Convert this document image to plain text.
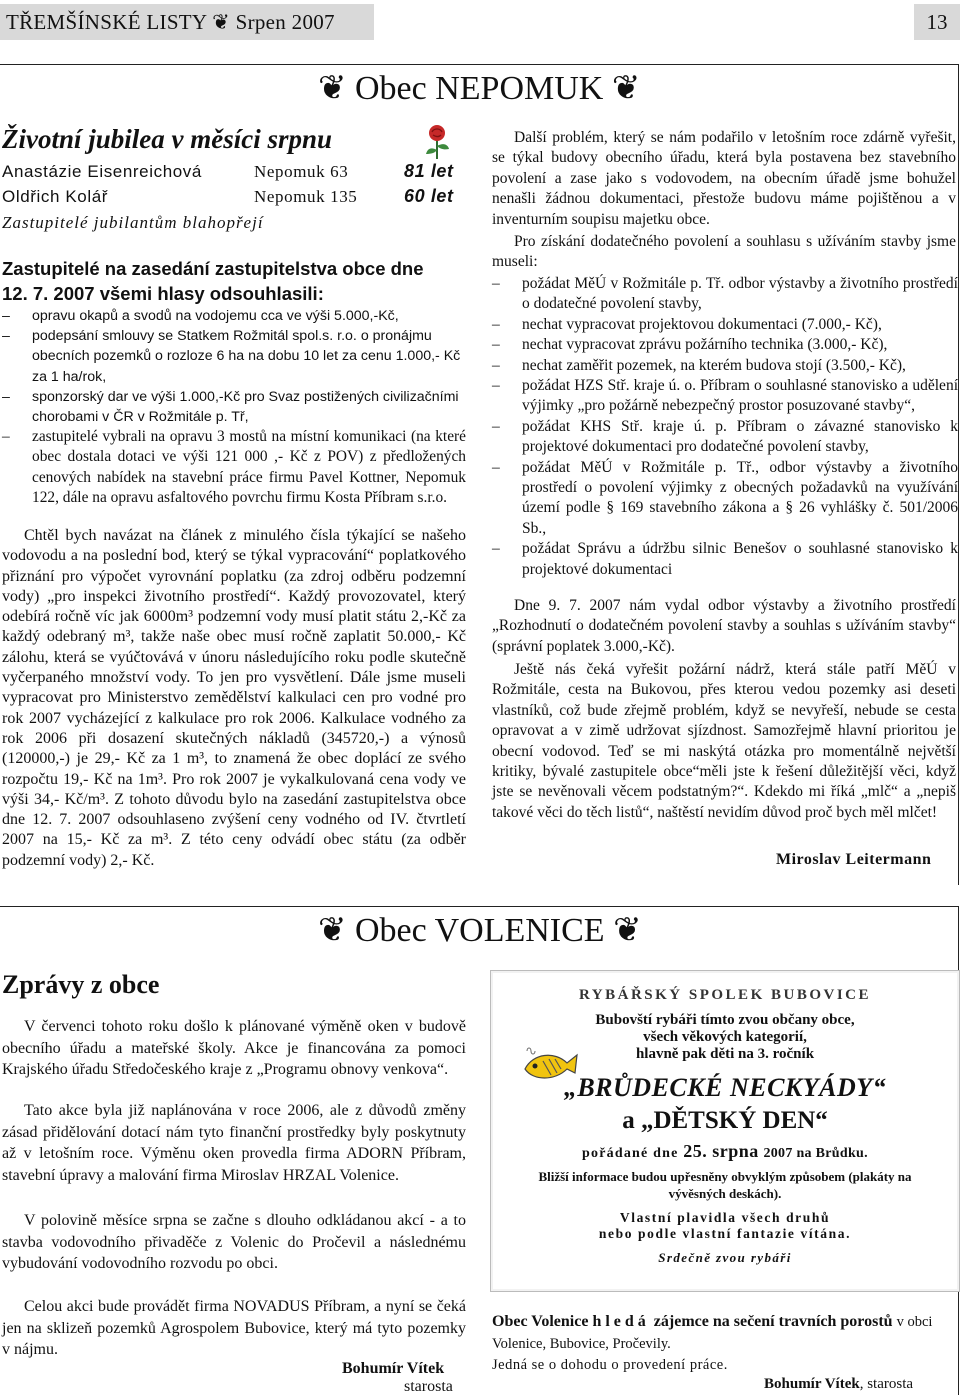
TŘEMŠÍNSKÉ LISTY ❦ Srpen 2007	13
❦ Obec NEPOMUK ❦
Životní jubilea v měsíci srpnu
Anastázie Eisenreichová	Nepomuk 63	81 let
Oldřich Kolář	Nepomuk 135	60 let
Zastupitelé jubilantům blahopřejí
Zastupitelé na zasedání zastupitelstva obce dne 12. 7. 2007 všemi hlasy odsouhlasili:
– opravu okapů a svodů na vodojemu cca ve výši 5.000,-Kč,
– podepsání smlouvy se Statkem Rožmitál spol.s. r.o. o pronájmu obecních pozemků o rozloze 6 ha na dobu 10 let za cenu 1.000,- Kč za 1 ha/rok,
– sponzorský dar ve výši 1.000,-Kč pro Svaz postižených civilizačními chorobami v ČR v Rožmitále p. Tř,
– zastupitelé vybrali na opravu 3 mostů na místní komunikaci (na které obec dostala dotaci ve výši 121 000 ,- Kč z POV) z předložených cenových nabídek na stavební práce firmu Pavel Kottner, Nepomuk 122, dále na opravu asfaltového povrchu firmu Kosta Příbram s.r.o.
Chtěl bych navázat na článek z minulého čísla týkající se našeho vodovodu a na poslední bod, který se týkal vypracování“ poplatkového přiznání pro výpočet vyrovnání poplatku (za zdroj odběru podzemní vody) „pro inspekci životního prostředí“. Každý provozovatel, který odebírá ročně víc jak 6000m³ podzemní vody musí platit státu 2,-Kč za každý odebraný m³, takže naše obec musí ročně zaplatit 50.000,- Kč zálohu, která se vyúčtovává v únoru následujícího roku podle skutečně vyčerpaného množství vody. To jen pro vysvětlení. Dále jsme museli vypracovat pro Ministerstvo zemědělství kalkulaci cen pro vodné pro rok 2007 vycházející z kalkulace pro rok 2006. Kalkulace vodného za rok 2006 při dosazení skutečných nákladů (345720,-) a výnosů (120000,-) je 29,- Kč za 1 m³, to znamená že obec doplácí ze svého rozpočtu 19,- Kč na 1m³. Pro rok 2007 je vykalkulovaná cena vody ve výši 34,- Kč/m³. Z tohoto důvodu bylo na zasedání zastupitelstva obce dne 12. 7. 2007 odsouhlaseno zvýšení ceny vodného od IV. čtvrtletí 2007 na 15,- Kč za m³. Z této ceny odvádí obec státu (za odběr podzemní vody) 2,- Kč.
Další problém, který se nám podařilo v letošním roce zdárně vyřešit, se týkal budovy obecního úřadu, která byla postavena bez stavebního povolení a zase jako s vodovodem, na obecním úřadě jsme bohužel nenašli žádnou dokumentaci, přestože budovu máme pojištěnou a v inventurním soupisu majetku obce.
Pro získání dodatečného povolení a souhlasu s užíváním stavby jsme museli:
– požádat MěÚ v Rožmitále p. Tř. odbor výstavby a životního prostředí o dodatečné povolení stavby,
– nechat vypracovat projektovou dokumentaci (7.000,- Kč),
– nechat vypracovat zprávu požárního technika (3.000,- Kč),
– nechat zaměřit pozemek, na kterém budova stojí (3.500,- Kč),
– požádat HZS Stř. kraje ú. o. Příbram o souhlasné stanovisko a udělení výjimky „pro požárně nebezpečný prostor posuzované stavby“,
– požádat KHS Stř. kraje ú. p. Příbram o závazné stanovisko k projektové dokumentaci pro dodatečné povolení stavby,
– požádat MěÚ v Rožmitále p. Tř., odbor výstavby a životního prostředí o povolení výjimky z obecných požadavků na využívání území podle § 169 stavebního zákona a § 26 vyhlášky č. 501/2006 Sb.,
– požádat Správu a údržbu silnic Benešov o souhlasné stanovisko k projektové dokumentaci
Dne 9. 7. 2007 nám vydal odbor výstavby a životního prostředí „Rozhodnutí o dodatečném povolení stavby a souhlas s užíváním stavby“ (správní poplatek 3.000,-Kč).
Ještě nás čeká vyřešit požární nádrž, která stále patří MěÚ v Rožmitále, cesta na Bukovou, přes kterou vedou pozemky asi deseti vlastníků, což bude zřejmě problém, když se nevyřeší, nebude se cesta opravovat a v zimě udržovat sjízdnost. Samozřejmě hlavní prioritou je obecní vodovod. Teď se mi naskýtá otázka pro momentálně největší kritiky, bývalé zastupitele obce“měli jste k řešení důležitější věci, když jste se nevěnovali věcem podstatným?“. Kdekdo mi říká „mlč“ a „nepiš takové věci do těch listů“, naštěstí nevidím důvod proč bych měl mlčet!
Miroslav Leitermann
❦ Obec VOLENICE ❦
Zprávy z obce
V červenci tohoto roku došlo k plánované výměně oken v budově obecního úřadu a mateřské školy. Akce je financována za pomoci Krajského úřadu Středočeského kraje z „Programu obnovy venkova“.
Tato akce byla již naplánována v roce 2006, ale z důvodů změny zásad přidělování dotací nám tyto finanční prostředky byly poskytnuty až v letošním roce. Výměnu oken provedla firma ADORN Příbram, stavební úpravy a malování firma Miroslav HRZAL Volenice.
V polovině měsíce srpna se začne s dlouho odkládanou akcí - a to stavba vodovodního přivaděče z Volenic do Pročevil a následnému vybudování vodovodního rozvodu po obci.
Celou akci bude provádět firma NOVADUS Příbram, a nyní se čeká jen na sklizeň pozemků Agrospolem Bubovice, který má tyto pozemky v nájmu.
Bohumír Vítek
starosta
RYBÁŘSKÝ SPOLEK BUBOVICE
Bubovští rybáři tímto zvou občany obce,
všech věkových kategorií,
hlavně pak děti na 3. ročník
„BRŮDECKÉ NECKYÁDY“
a „DĚTSKÝ DEN“
pořádané dne 25. srpna 2007 na Brůdku.
Bližší informace budou upřesněny obvyklým způsobem (plakáty na vývěsných deskách).
Vlastní plavidla všech druhů
nebo podle vlastní fantazie vítána.
Srdečně zvou rybáři
Obec Volenice hledá zájemce na sečení travních porostů v obci Volenice, Bubovice, Pročevily.
Jedná se o dohodu o provedení práce.
Bohumír Vítek, starosta
